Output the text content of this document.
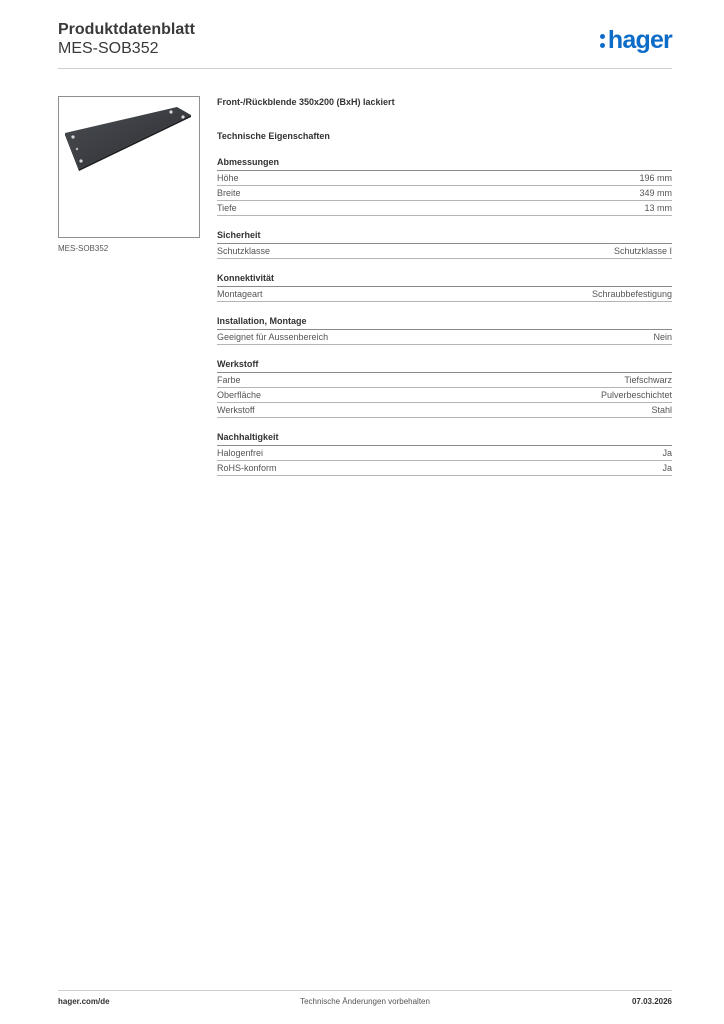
Produktdatenblatt
MES-SOB352	hager
MES-SOB352
Front-/Rückblende 350x200 (BxH) lackiert
Technische Eigenschaften
Abmessungen
Höhe	196 mm
Breite	349 mm
Tiefe	13 mm
Sicherheit
Schutzklasse	Schutzklasse I
Konnektivität
Montageart	Schraubbefestigung
Installation, Montage
Geeignet für Aussenbereich	Nein
Werkstoff
Farbe	Tiefschwarz
Oberfläche	Pulverbeschichtet
Werkstoff	Stahl
Nachhaltigkeit
Halogenfrei	Ja
RoHS-konform	Ja
hager.com/de	Technische Änderungen vorbehalten	07.03.2026
